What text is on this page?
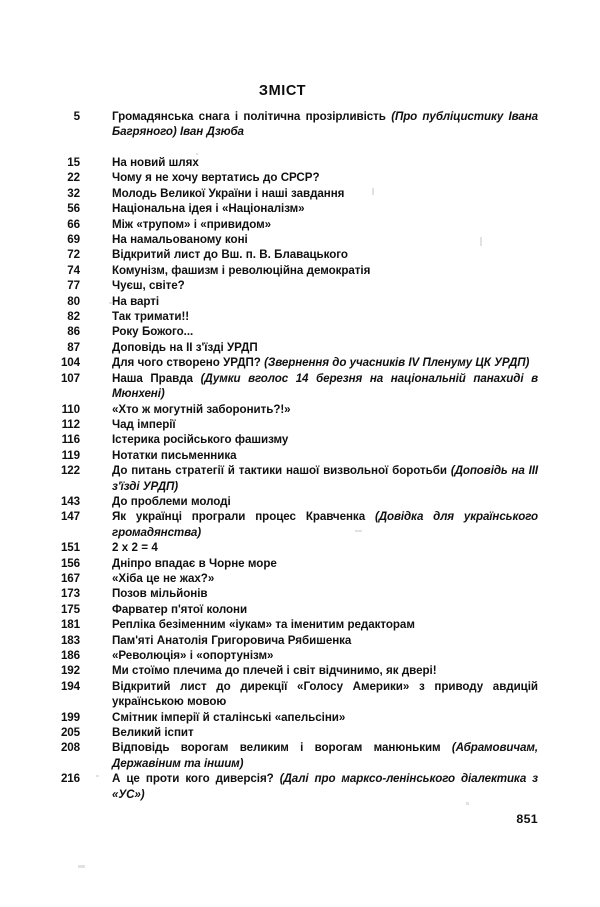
ЗМІСТ
5	Громадянська снага і політична прозірливість (Про публіцистику Івана Багряного) Іван Дзюба
15	На новий шлях
22	Чому я не хочу вертатись до СРСР?
32	Молодь Великої України і наші завдання
56	Національна ідея і «Націоналізм»
66	Між «трупом» і «привидом»
69	На намальованому коні
72	Відкритий лист до Вш. п. В. Блавацького
74	Комунізм, фашизм і революційна демократія
77	Чуєш, світе?
80	На варті
82	Так тримати!!
86	Року Божого...
87	Доповідь на ІІ з'їзді УРДП
104	Для чого створено УРДП? (Звернення до учасників IV Пленуму ЦК УРДП)
107	Наша Правда (Думки вголос 14 березня на національній панахиді в Мюнхені)
110	«Хто ж могутній заборонить?!»
112	Чад імперії
116	Істерика російського фашизму
119	Нотатки письменника
122	До питань стратегії й тактики нашої визвольної боротьби (Доповідь на ІІІ з'їзді УРДП)
143	До проблеми молоді
147	Як українці програли процес Кравченка (Довідка для українського громадянства)
151	2 x 2 = 4
156	Дніпро впадає в Чорне море
167	«Хіба це не жах?»
173	Позов мільйонів
175	Фарватер п'ятої колони
181	Репліка безіменним «іукам» та іменитим редакторам
183	Пам'яті Анатолія Григоровича Рябишенка
186	«Революція» і «опортунізм»
192	Ми стоїмо плечима до плечей і світ відчинимо, як двері!
194	Відкритий лист до дирекції «Голосу Америки» з приводу авдицій українською мовою
199	Смітник імперії й сталінські «апельсіни»
205	Великий іспит
208	Відповідь ворогам великим і ворогам манюньким (Абрамовичам, Державіним та іншим)
216	А це проти кого диверсія? (Далі про марксо-ленінського діалектика з «УС»)
851
